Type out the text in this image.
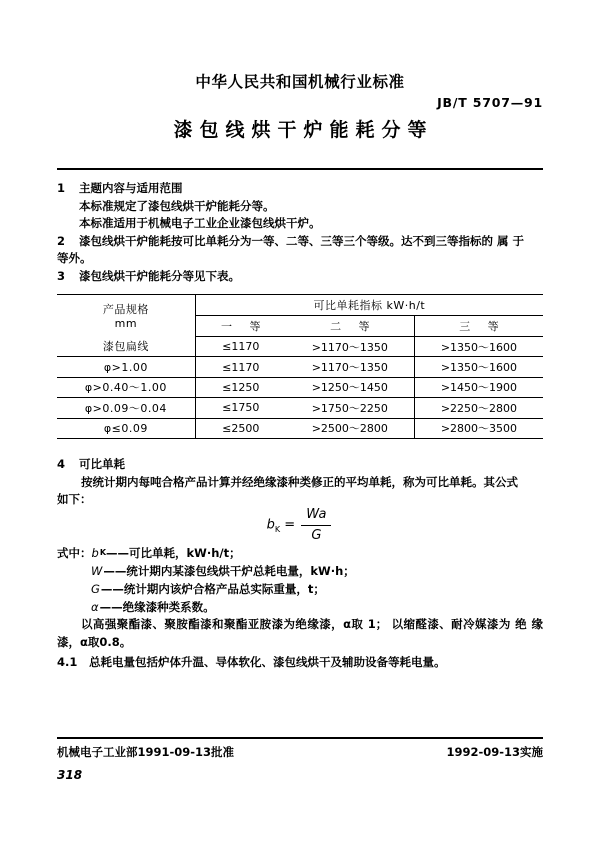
中华人民共和国机械行业标准
JB/T 5707—91
漆包线烘干炉能耗分等
1	主题内容与适用范围
本标准规定了漆包线烘干炉能耗分等。
本标准适用于机械电子工业企业漆包线烘干炉。
2	漆包线烘干炉能耗按可比单耗分为一等、二等、三等三个等级。达不到三等指标的 属 于
等外。
3	漆包线烘干炉能耗分等见下表。
产品规格
mm	可比单耗指标 kW·h/t		
	一 等	二 等	三 等
漆包扁线	≤1170	>1170～1350	>1350～1600
φ>1.00	≤1170	>1170～1350	>1350～1600
φ>0.40～1.00	≤1250	>1250～1450	>1450～1900
φ>0.09～0.04	≤1750	>1750～2250	>2250～2800
φ≤0.09	≤2500	>2500～2800	>2800～3500
4	可比单耗
按统计期内每吨合格产品计算并经绝缘漆种类修正的平均单耗，称为可比单耗。其公式
如下：
$b_K = \frac{Wa}{G}$
式中： b K ——可比单耗，kW·h/t；
W ——统计期内某漆包线烘干炉总耗电量，kW·h；
G ——统计期内该炉合格产品总实际重量，t；
α ——绝缘漆种类系数。
以高强聚酯漆、聚胺酯漆和聚酯亚胺漆为绝缘漆，α取 1； 以缩醛漆、耐冷媒漆为 绝 缘漆，α取0.8。
4.1	总耗电量包括炉体升温、导体软化、漆包线烘干及辅助设备等耗电量。
机械电子工业部1991-09-13批准	1992-09-13实施
318
